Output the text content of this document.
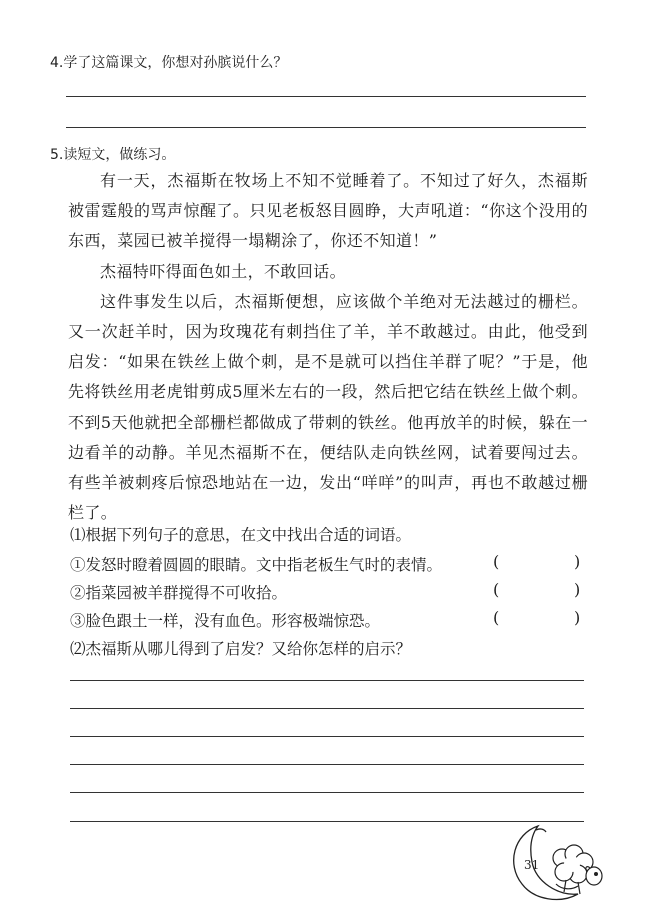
4.学了这篇课文，你想对孙膑说什么？
5.读短文，做练习。

有一天，杰福斯在牧场上不知不觉睡着了。不知过了好久，杰福斯被雷霆般的骂声惊醒了。只见老板怒目圆睁，大声吼道：“你这个没用的东西，菜园已被羊搅得一塌糊涂了，你还不知道！”

杰福特吓得面色如土，不敢回话。

这件事发生以后，杰福斯便想，应该做个羊绝对无法越过的栅栏。又一次赶羊时，因为玫瑰花有刺挡住了羊，羊不敢越过。由此，他受到启发：“如果在铁丝上做个刺，是不是就可以挡住羊群了呢？”于是，他先将铁丝用老虎钳剪成5厘米左右的一段，然后把它结在铁丝上做个刺。不到5天他就把全部栅栏都做成了带刺的铁丝。他再放羊的时候，躲在一边看羊的动静。羊见杰福斯不在，便结队走向铁丝网，试着要闯过去。有些羊被刺疼后惊恐地站在一边，发出“咩咩”的叫声，再也不敢越过栅栏了。

⑴根据下列句子的意思，在文中找出合适的词语。
①发怒时瞪着圆圆的眼睛。文中指老板生气时的表情。	(	)
②指菜园被羊群搅得不可收拾。	(	)
③脸色跟土一样，没有血色。形容极端惊恐。	(	)
⑵杰福斯从哪儿得到了启发？又给你怎样的启示？
31
